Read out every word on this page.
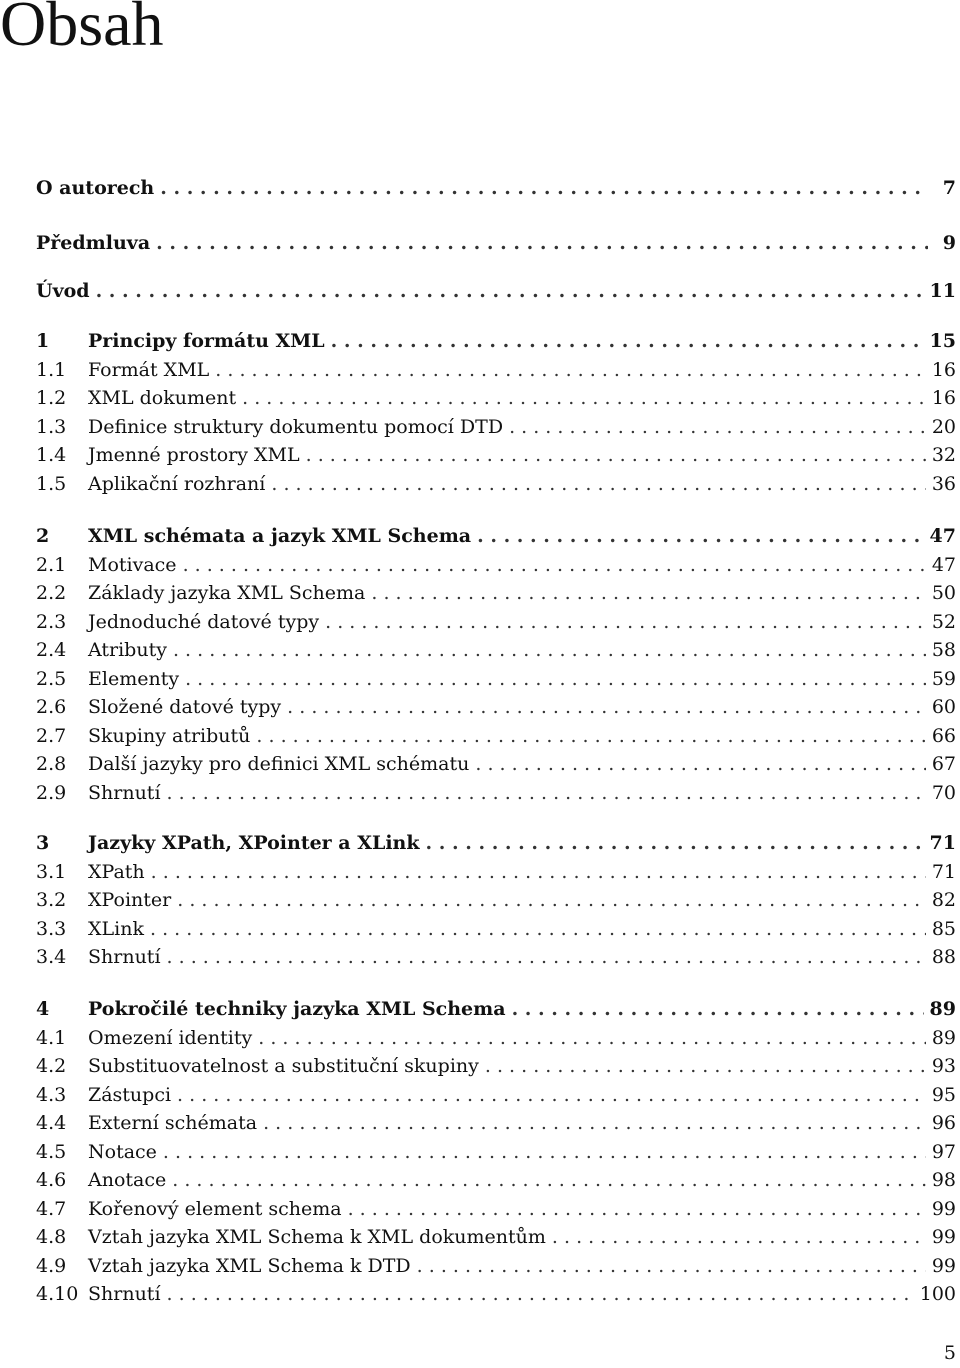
Obsah
O autorech . . .	7
Předmluva . . .	9
Úvod . . .	11
1	Principy formátu XML . . .	15
1.1	Formát XML . . .	16
1.2	XML dokument . . .	16
1.3	Definice struktury dokumentu pomocí DTD . . .	20
1.4	Jmenné prostory XML . . .	32
1.5	Aplikační rozhraní . . .	36
2	XML schémata a jazyk XML Schema . . .	47
2.1	Motivace . . .	47
2.2	Základy jazyka XML Schema . . .	50
2.3	Jednoduché datové typy . . .	52
2.4	Atributy . . .	58
2.5	Elementy . . .	59
2.6	Složené datové typy . . .	60
2.7	Skupiny atributů . . .	66
2.8	Další jazyky pro definici XML schématu . . .	67
2.9	Shrnutí . . .	70
3	Jazyky XPath, XPointer a XLink . . .	71
3.1	XPath . . .	71
3.2	XPointer . . .	82
3.3	XLink . . .	85
3.4	Shrnutí . . .	88
4	Pokročilé techniky jazyka XML Schema . . .	89
4.1	Omezení identity . . .	89
4.2	Substituovatelnost a substituční skupiny . . .	93
4.3	Zástupci . . .	95
4.4	Externí schémata . . .	96
4.5	Notace . . .	97
4.6	Anotace . . .	98
4.7	Kořenový element schema . . .	99
4.8	Vztah jazyka XML Schema k XML dokumentům . . .	99
4.9	Vztah jazyka XML Schema k DTD . . .	99
4.10 Shrnutí . . .	100
5
